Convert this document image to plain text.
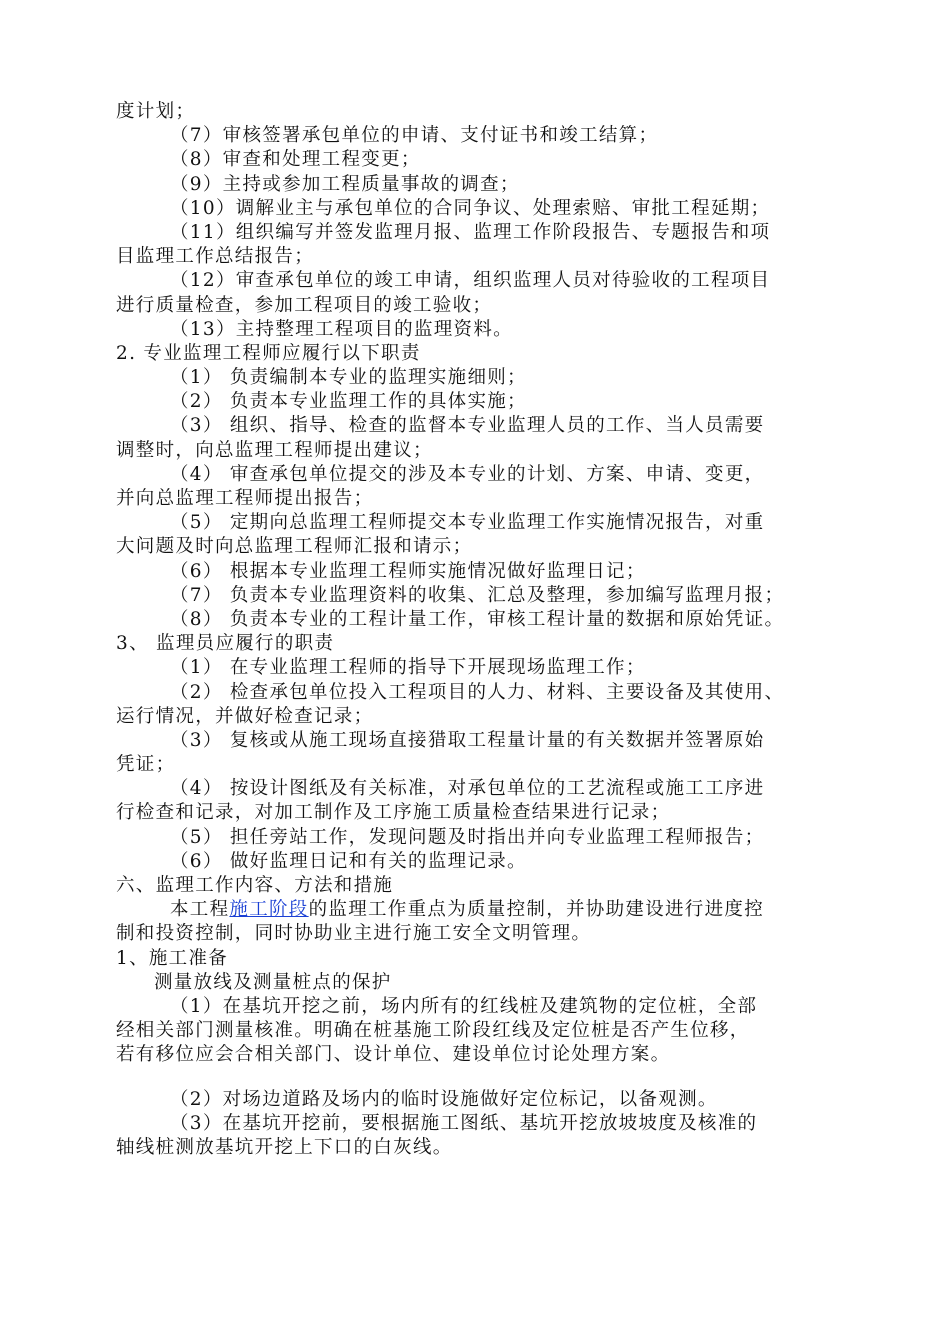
度计划；
（7）审核签署承包单位的申请、支付证书和竣工结算；
（8）审查和处理工程变更；
（9）主持或参加工程质量事故的调查；
（10）调解业主与承包单位的合同争议、处理索赔、审批工程延期；
（11）组织编写并签发监理月报、监理工作阶段报告、专题报告和项
目监理工作总结报告；
（12）审查承包单位的竣工申请，组织监理人员对待验收的工程项目
进行质量检查，参加工程项目的竣工验收；
（13）主持整理工程项目的监理资料。
2. 专业监理工程师应履行以下职责
（1） 负责编制本专业的监理实施细则；
（2） 负责本专业监理工作的具体实施；
（3） 组织、指导、检查的监督本专业监理人员的工作、当人员需要
调整时，向总监理工程师提出建议；
（4） 审查承包单位提交的涉及本专业的计划、方案、申请、变更，
并向总监理工程师提出报告；
（5） 定期向总监理工程师提交本专业监理工作实施情况报告，对重
大问题及时向总监理工程师汇报和请示；
（6） 根据本专业监理工程师实施情况做好监理日记；
（7） 负责本专业监理资料的收集、汇总及整理，参加编写监理月报；
（8） 负责本专业的工程计量工作，审核工程计量的数据和原始凭证。
3、 监理员应履行的职责
（1） 在专业监理工程师的指导下开展现场监理工作；
（2） 检查承包单位投入工程项目的人力、材料、主要设备及其使用、
运行情况，并做好检查记录；
（3） 复核或从施工现场直接猎取工程量计量的有关数据并签署原始
凭证；
（4） 按设计图纸及有关标准，对承包单位的工艺流程或施工工序进
行检查和记录，对加工制作及工序施工质量检查结果进行记录；
（5） 担任旁站工作，发现问题及时指出并向专业监理工程师报告；
（6） 做好监理日记和有关的监理记录。
六、监理工作内容、方法和措施
本工程施工阶段的监理工作重点为质量控制，并协助建设进行进度控
制和投资控制，同时协助业主进行施工安全文明管理。
1、施工准备
测量放线及测量桩点的保护
（1）在基坑开挖之前，场内所有的红线桩及建筑物的定位桩，全部
经相关部门测量核准。明确在桩基施工阶段红线及定位桩是否产生位移，
若有移位应会合相关部门、设计单位、建设单位讨论处理方案。
（2）对场边道路及场内的临时设施做好定位标记，以备观测。
（3）在基坑开挖前，要根据施工图纸、基坑开挖放坡坡度及核准的
轴线桩测放基坑开挖上下口的白灰线。
